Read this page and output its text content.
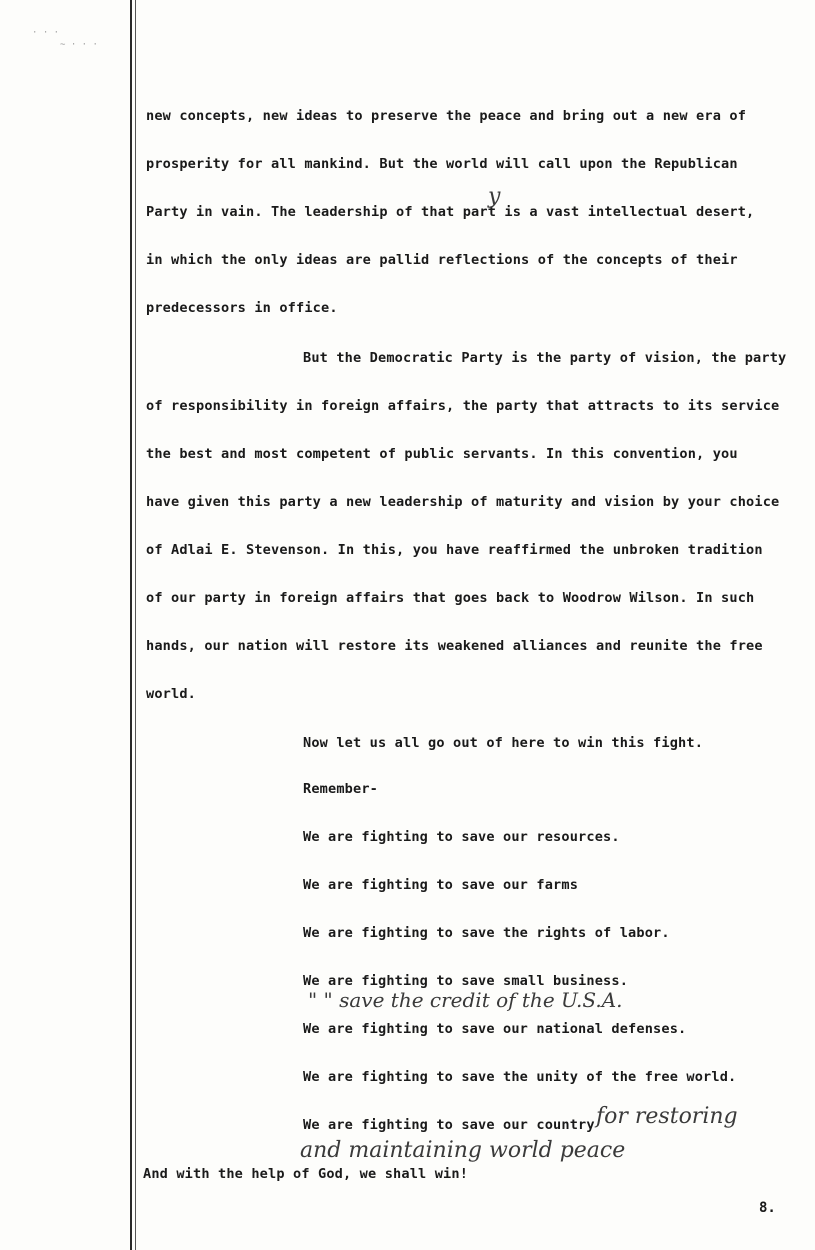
· · ·
~ · · ·
new concepts, new ideas to preserve the peace and bring out a new era of
prosperity for all mankind. But the world will call upon the Republican
Party in vain. The leadership of that part is a vast intellectual desert,
in which the only ideas are pallid reflections of the concepts of their
predecessors in office.
But the Democratic Party is the party of vision, the party
of responsibility in foreign affairs, the party that attracts to its service
the best and most competent of public servants. In this convention, you
have given this party a new leadership of maturity and vision by your choice
of Adlai E. Stevenson. In this, you have reaffirmed the unbroken tradition
of our party in foreign affairs that goes back to Woodrow Wilson. In such
hands, our nation will restore its weakened alliances and reunite the free
world.
Now let us all go out of here to win this fight.
Remember-
We are fighting to save our resources.
We are fighting to save our farms
We are fighting to save the rights of labor.
We are fighting to save small business.
We are fighting to save our national defenses.
We are fighting to save the unity of the free world.
We are fighting to save our country
And with the help of God, we shall win!
y
" " save the credit of the U.S.A.
for restoring
and maintaining world peace
8.
